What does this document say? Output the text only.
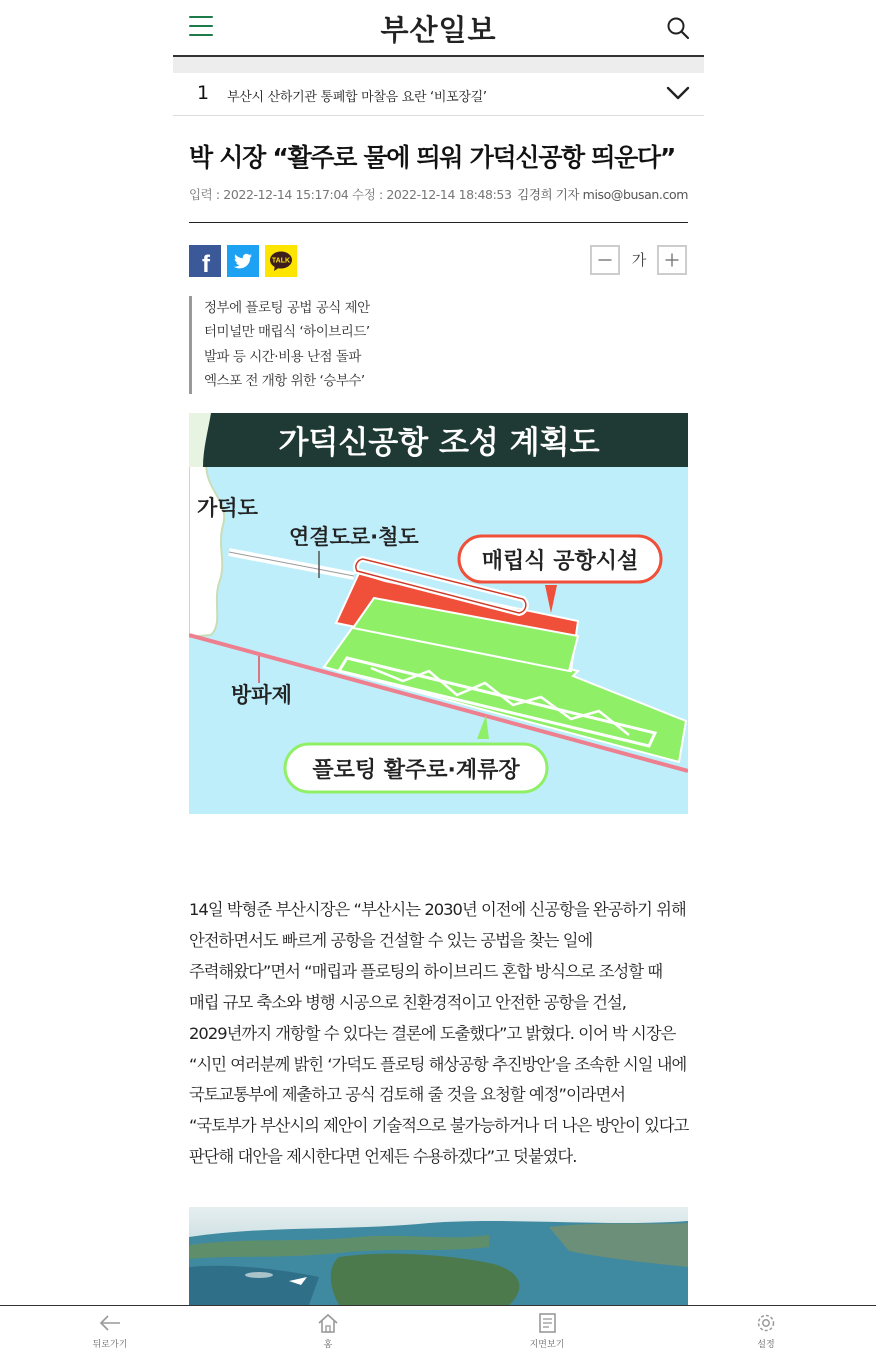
부산일보
1 부산시 산하기관 통폐합 마찰음 요란 ‘비포장길’
박 시장 “활주로 물에 띄워 가덕신공항 띄운다”
입력 : 2022-12-14 15:17:04 수정 : 2022-12-14 18:48:53 김경희 기자 miso@busan.com
f	TALK	가
정부에 플로팅 공법 공식 제안
터미널만 매립식 ‘하이브리드’
발파 등 시간·비용 난점 돌파
엑스포 전 개항 위한 ‘승부수’
가덕신공항 조성 계획도
가덕도
연결도로·철도
매립식 공항시설
방파제
플로팅 활주로·계류장

14일 박형준 부산시장은 “부산시는 2030년 이전에 신공항을 완공하기 위해 안전하면서도 빠르게 공항을 건설할 수 있는 공법을 찾는 일에 주력해왔다”면서 “매립과 플로팅의 하이브리드 혼합 방식으로 조성할 때 매립 규모 축소와 병행 시공으로 친환경적이고 안전한 공항을 건설, 2029년까지 개항할 수 있다는 결론에 도출했다”고 밝혔다. 이어 박 시장은 “시민 여러분께 밝힌 ‘가덕도 플로팅 해상공항 추진방안’을 조속한 시일 내에 국토교통부에 제출하고 공식 검토해 줄 것을 요청할 예정”이라면서 “국토부가 부산시의 제안이 기술적으로 불가능하거나 더 나은 방안이 있다고 판단해 대안을 제시한다면 언제든 수용하겠다”고 덧붙였다.

뒤로가기	홈	지면보기	설정
